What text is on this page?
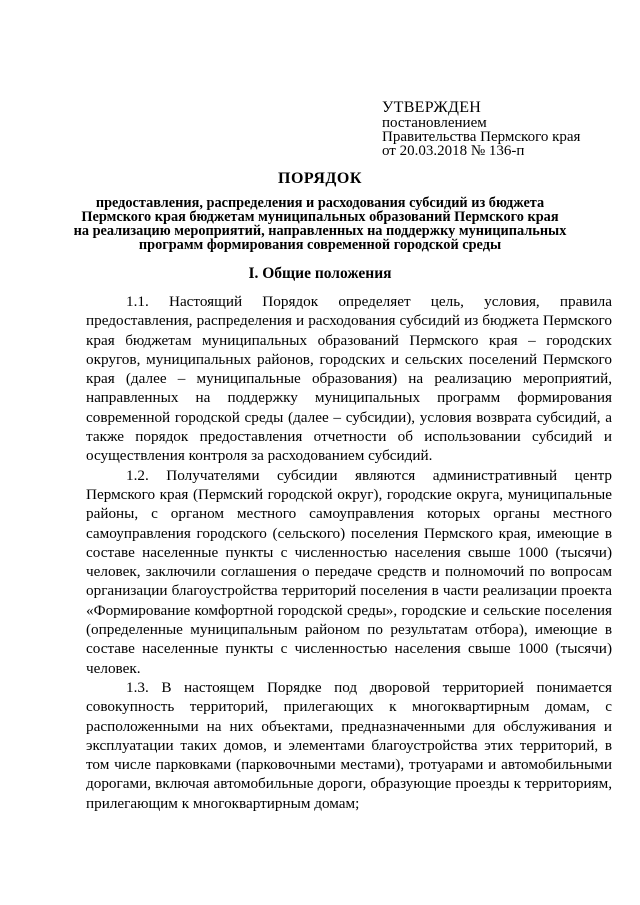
УТВЕРЖДЕН
постановлением
Правительства Пермского края
от 20.03.2018 № 136-п
ПОРЯДОК
предоставления, распределения и расходования субсидий из бюджета
Пермского края бюджетам муниципальных образований Пермского края
на реализацию мероприятий, направленных на поддержку муниципальных
программ формирования современной городской среды
I. Общие положения

1.1. Настоящий Порядок определяет цель, условия, правила предоставления, распределения и расходования субсидий из бюджета Пермского края бюджетам муниципальных образований Пермского края – городских округов, муниципальных районов, городских и сельских поселений Пермского края (далее – муниципальные образования) на реализацию мероприятий, направленных на поддержку муниципальных программ формирования современной городской среды (далее – субсидии), условия возврата субсидий, а также порядок предоставления отчетности об использовании субсидий и осуществления контроля за расходованием субсидий.

1.2. Получателями субсидии являются административный центр Пермского края (Пермский городской округ), городские округа, муниципальные районы, с органом местного самоуправления которых органы местного самоуправления городского (сельского) поселения Пермского края, имеющие в составе населенные пункты с численностью населения свыше 1000 (тысячи) человек, заключили соглашения о передаче средств и полномочий по вопросам организации благоустройства территорий поселения в части реализации проекта «Формирование комфортной городской среды», городские и сельские поселения (определенные муниципальным районом по результатам отбора), имеющие в составе населенные пункты с численностью населения свыше 1000 (тысячи) человек.

1.3. В настоящем Порядке под дворовой территорией понимается совокупность территорий, прилегающих к многоквартирным домам, с расположенными на них объектами, предназначенными для обслуживания и эксплуатации таких домов, и элементами благоустройства этих территорий, в том числе парковками (парковочными местами), тротуарами и автомобильными дорогами, включая автомобильные дороги, образующие проезды к территориям, прилегающим к многоквартирным домам;
